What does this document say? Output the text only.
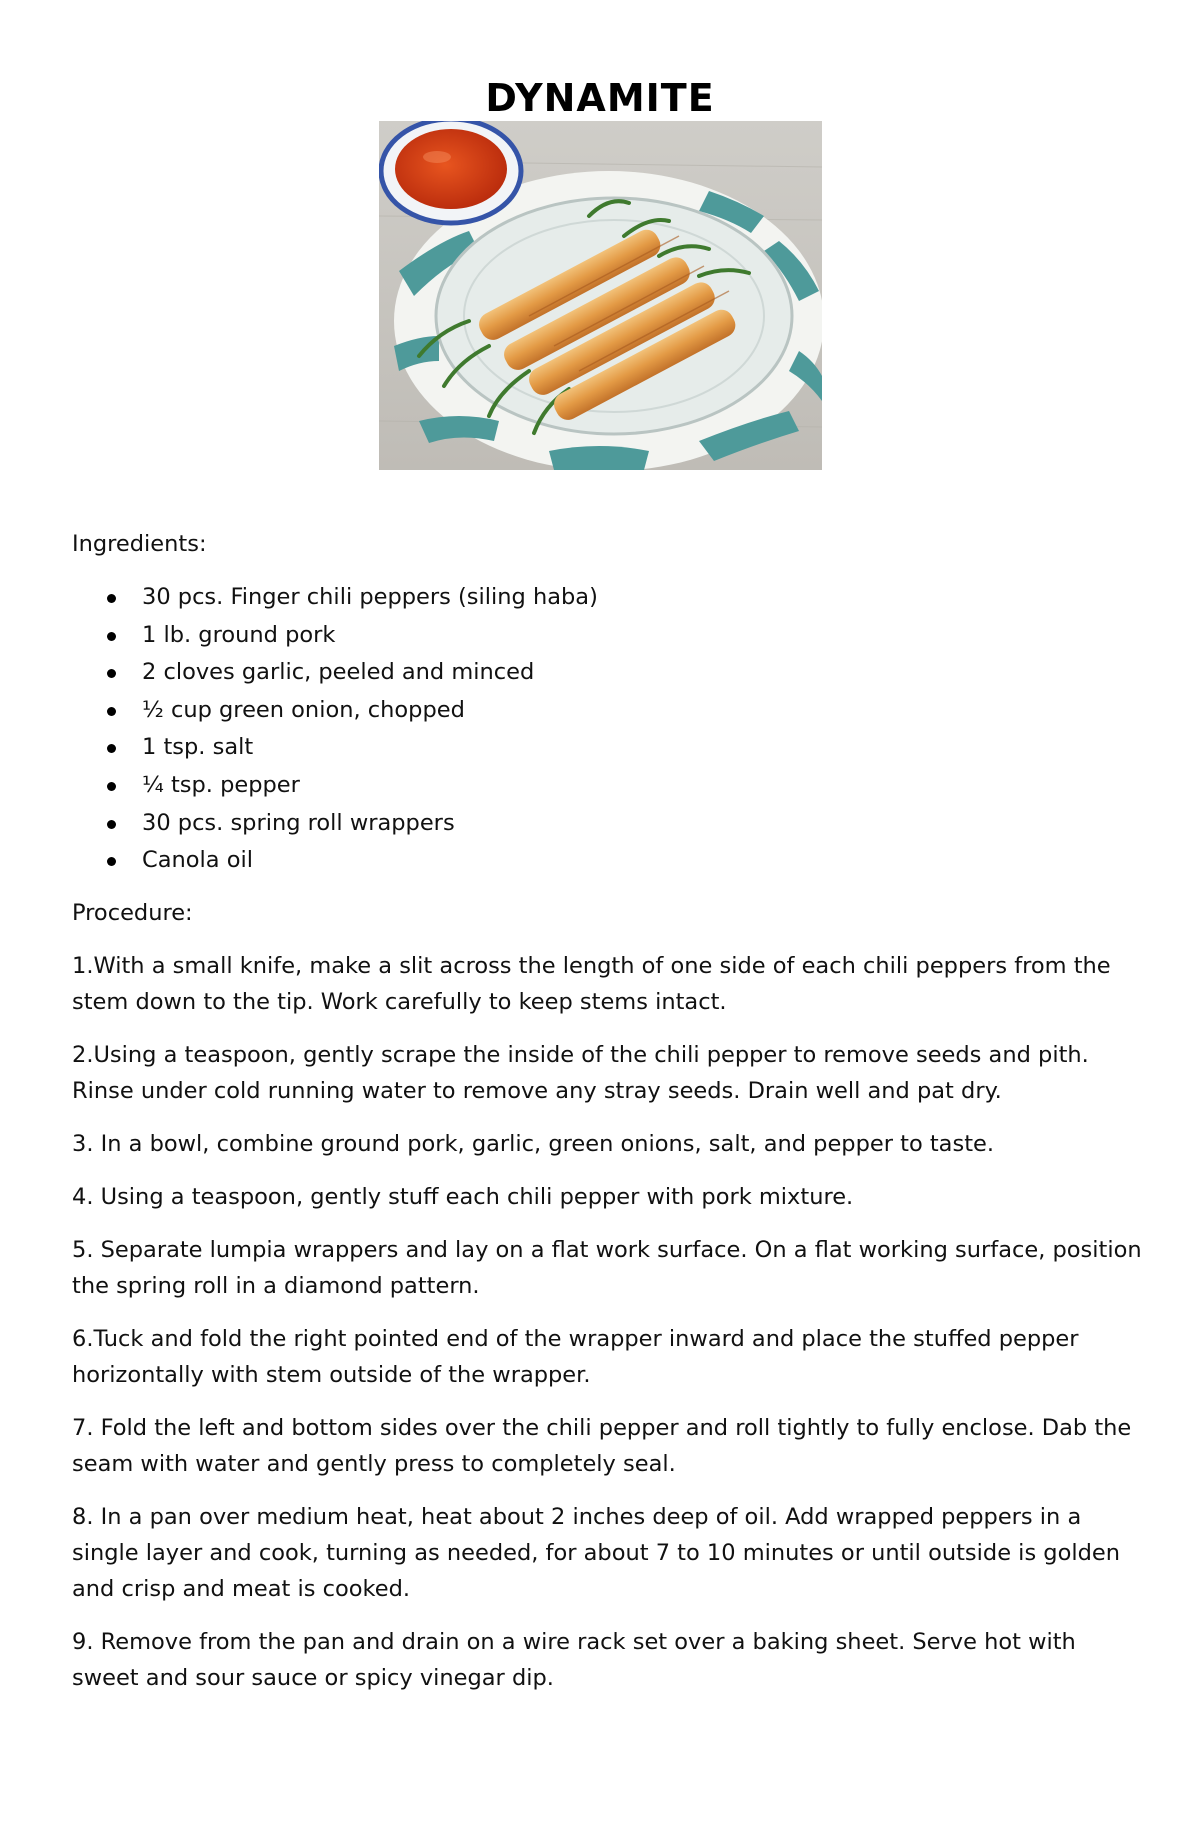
DYNAMITE

Ingredients:

30 pcs. Finger chili peppers (siling haba)
1 lb. ground pork
2 cloves garlic, peeled and minced
½ cup green onion, chopped
1 tsp. salt
¼ tsp. pepper
30 pcs. spring roll wrappers
Canola oil

Procedure:

1.With a small knife, make a slit across the length of one side of each chili peppers from the stem down to the tip. Work carefully to keep stems intact.

2.Using a teaspoon, gently scrape the inside of the chili pepper to remove seeds and pith. Rinse under cold running water to remove any stray seeds. Drain well and pat dry.

3. In a bowl, combine ground pork, garlic, green onions, salt, and pepper to taste.

4. Using a teaspoon, gently stuff each chili pepper with pork mixture.

5. Separate lumpia wrappers and lay on a flat work surface. On a flat working surface, position the spring roll in a diamond pattern.

6.Tuck and fold the right pointed end of the wrapper inward and place the stuffed pepper horizontally with stem outside of the wrapper.

7. Fold the left and bottom sides over the chili pepper and roll tightly to fully enclose. Dab the seam with water and gently press to completely seal.

8. In a pan over medium heat, heat about 2 inches deep of oil. Add wrapped peppers in a single layer and cook, turning as needed, for about 7 to 10 minutes or until outside is golden and crisp and meat is cooked.

9. Remove from the pan and drain on a wire rack set over a baking sheet. Serve hot with sweet and sour sauce or spicy vinegar dip.
